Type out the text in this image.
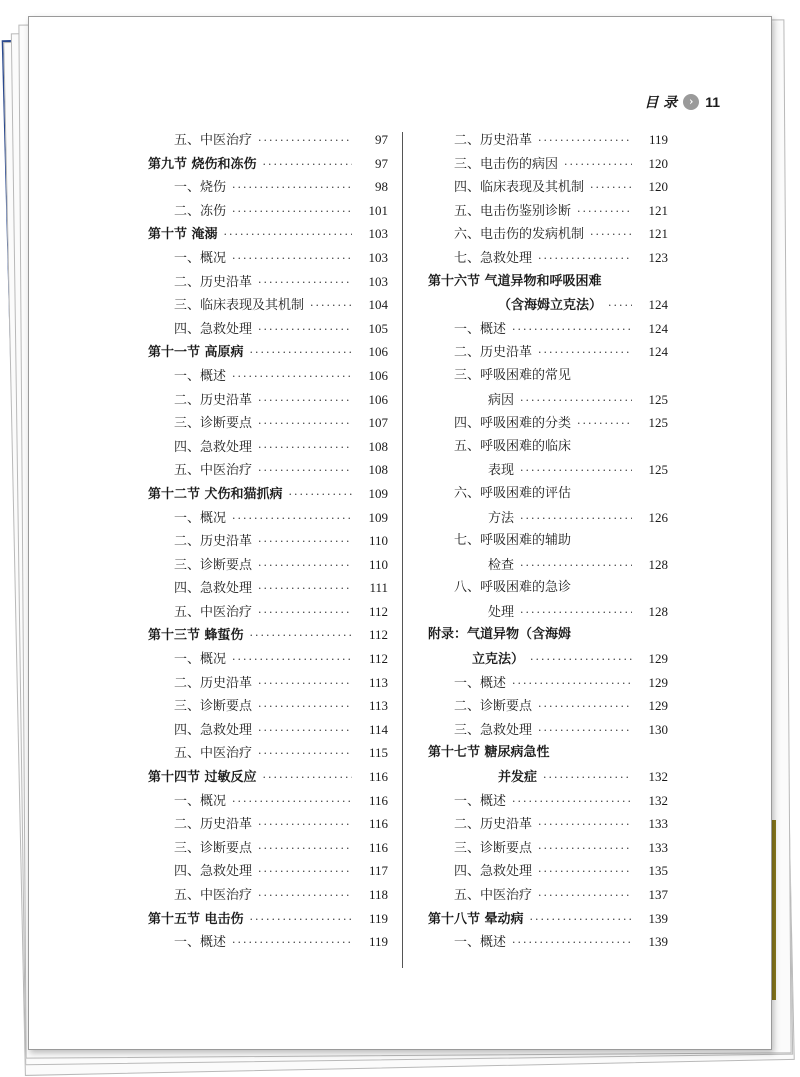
目 录	› 11
五、中医治疗 ·····	97
第九节 烧伤和冻伤 ·····	97
一、烧伤 ·····	98
二、冻伤 ·····	101
第十节 淹溺 ·····	103
一、概况 ·····	103
二、历史沿革 ·····	103
三、临床表现及其机制 ·····	104
四、急救处理 ·····	105
第十一节 高原病 ·····	106
一、概述 ·····	106
二、历史沿革 ·····	106
三、诊断要点 ·····	107
四、急救处理 ·····	108
五、中医治疗 ·····	108
第十二节 犬伤和猫抓病 ·····	109
一、概况 ·····	109
二、历史沿革 ·····	110
三、诊断要点 ·····	110
四、急救处理 ·····	111
五、中医治疗 ·····	112
第十三节 蜂蜇伤 ·····	112
一、概况 ·····	112
二、历史沿革 ·····	113
三、诊断要点 ·····	113
四、急救处理 ·····	114
五、中医治疗 ·····	115
第十四节 过敏反应 ·····	116
一、概况 ·····	116
二、历史沿革 ·····	116
三、诊断要点 ·····	116
四、急救处理 ·····	117
五、中医治疗 ·····	118
第十五节 电击伤 ·····	119
一、概述 ·····	119
二、历史沿革 ·····	119
三、电击伤的病因 ·····	120
四、临床表现及其机制 ·····	120
五、电击伤鉴别诊断 ·····	121
六、电击伤的发病机制 ·····	121
七、急救处理 ·····	123
第十六节 气道异物和呼吸困难
（含海姆立克法） ·····	124
一、概述 ·····	124
二、历史沿革 ·····	124
三、呼吸困难的常见
病因 ·····	125
四、呼吸困难的分类 ·····	125
五、呼吸困难的临床
表现 ·····	125
六、呼吸困难的评估
方法 ·····	126
七、呼吸困难的辅助
检查 ·····	128
八、呼吸困难的急诊
处理 ·····	128
附录：气道异物（含海姆
立克法） ·····	129
一、概述 ·····	129
二、诊断要点 ·····	129
三、急救处理 ·····	130
第十七节 糖尿病急性
并发症 ·····	132
一、概述 ·····	132
二、历史沿革 ·····	133
三、诊断要点 ·····	133
四、急救处理 ·····	135
五、中医治疗 ·····	137
第十八节 晕动病 ·····	139
一、概述 ·····	139
